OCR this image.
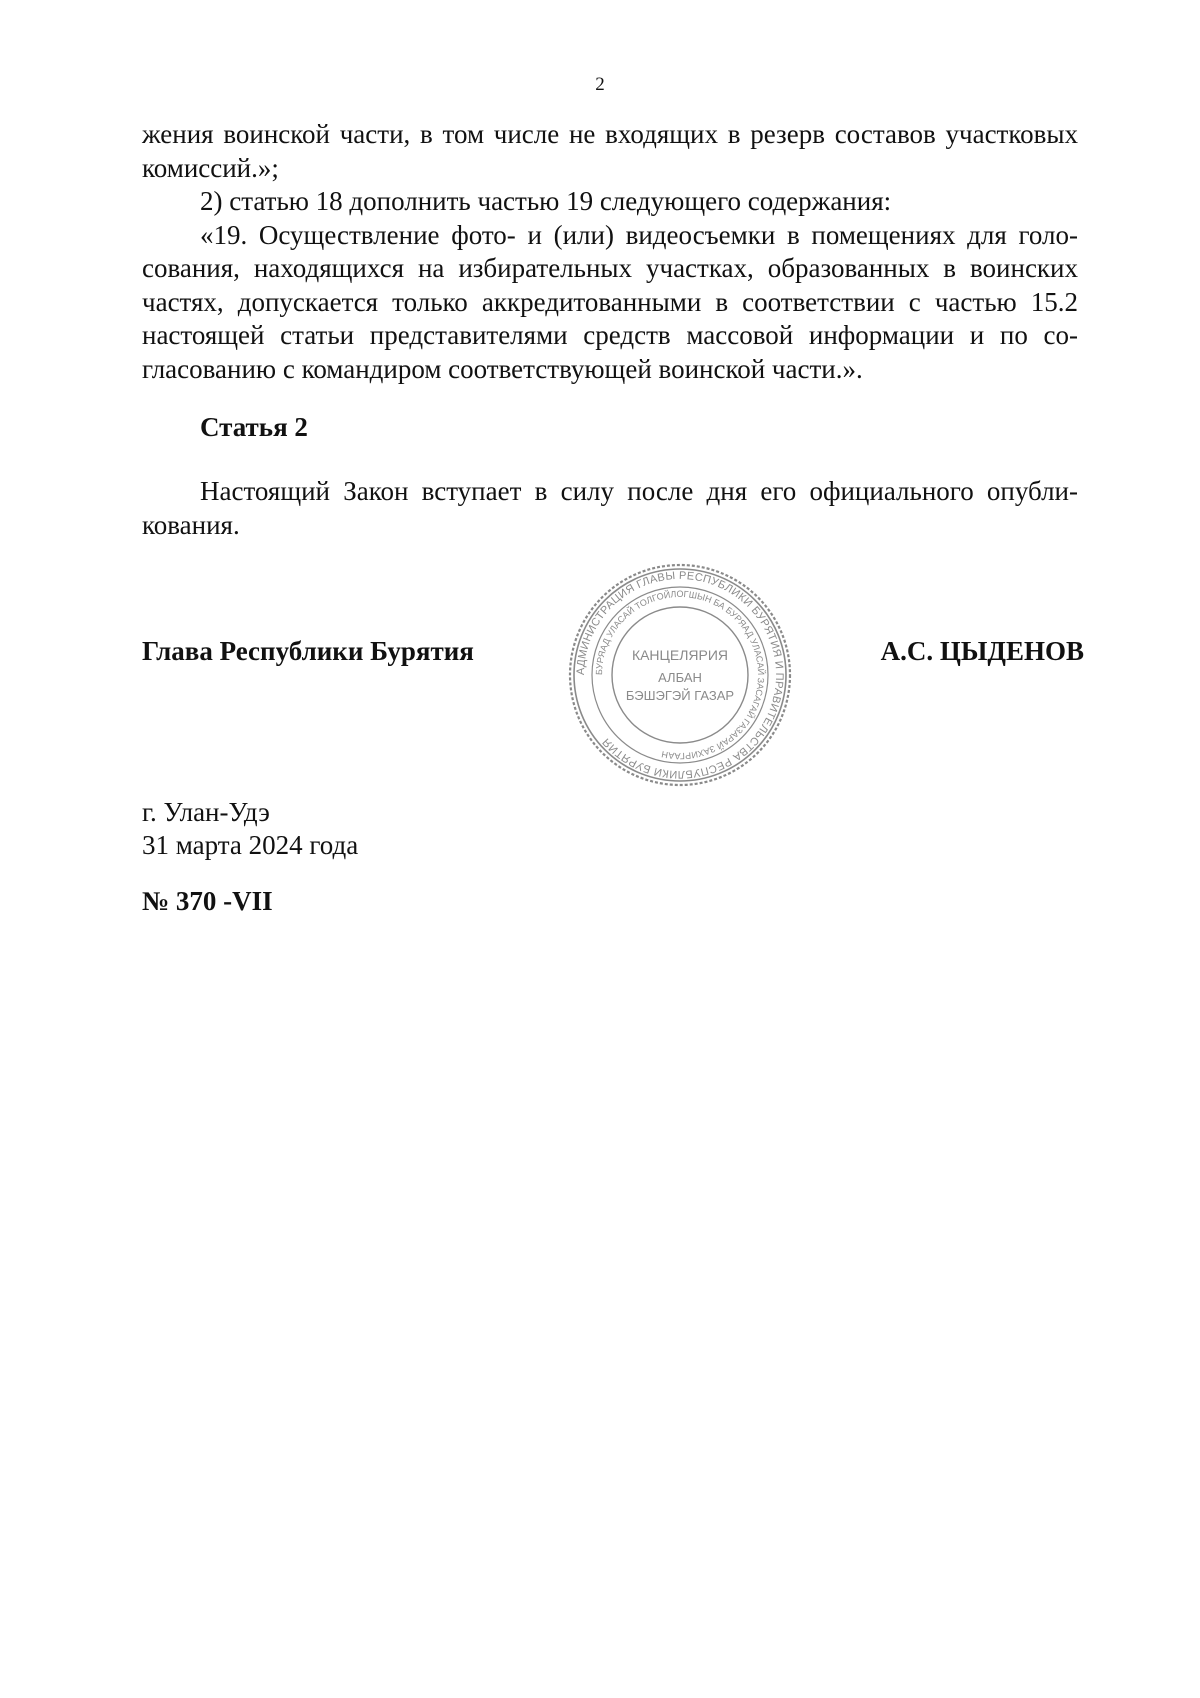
2

жения воинской части, в том числе не входящих в резерв составов участковых комиссий.»;

2) статью 18 дополнить частью 19 следующего содержания:

«19. Осуществление фото- и (или) видеосъемки в помещениях для голосования, находящихся на избирательных участках, образованных в воинских частях, допускается только аккредитованными в соответствии с частью 15.2 настоящей статьи представителями средств массовой информации и по согласованию с командиром соответствующей воинской части.».

Статья 2

Настоящий Закон вступает в силу после дня его официального опубликования.

Глава Республики Бурятия	А.С. ЦЫДЕНОВ
АДМИНИСТРАЦИЯ ГЛАВЫ РЕСПУБЛИКИ БУРЯТИЯ И ПРАВИТЕЛЬСТВА РЕСПУБЛИКИ БУРЯТИЯ
БУРЯАД УЛАСАЙ ТОЛГОЙЛОГШЫН БА БУРЯАД УЛАСАЙ ЗАСАГАЙ ГАЗАРАЙ ЗАХИРГААН
КАНЦЕЛЯРИЯ
АЛБАН
БЭШЭГЭЙ ГАЗАР
г. Улан-Удэ
31 марта 2024 года
№ 370 -VII
